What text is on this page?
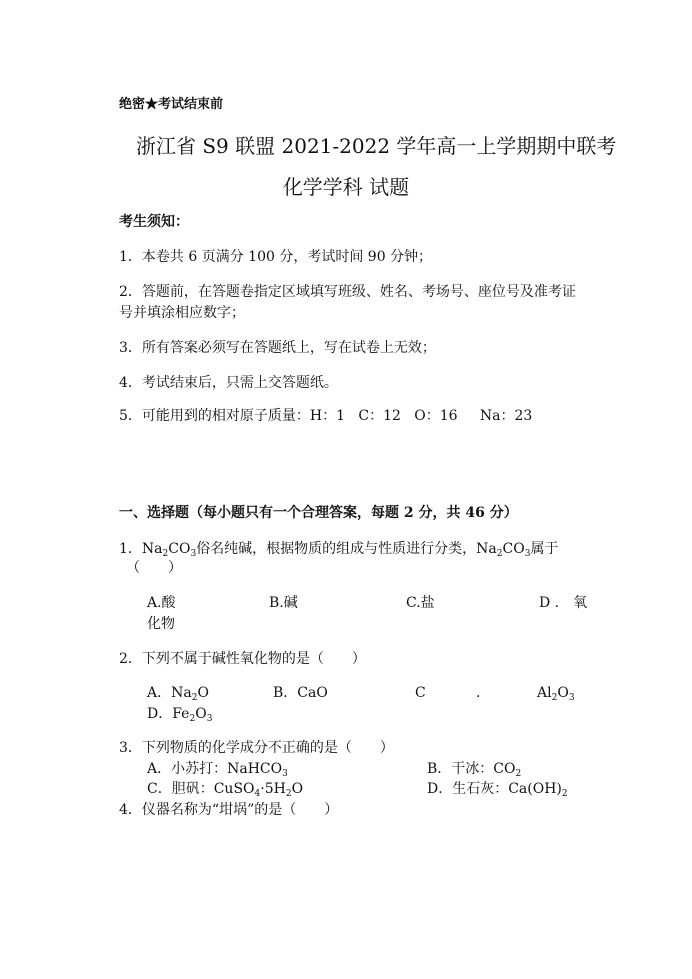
绝密★考试结束前
浙江省 S9 联盟 2021-2022 学年高一上学期期中联考
化学学科 试题
考生须知：
1．本卷共 6 页满分 100 分，考试时间 90 分钟；
2．答题前，在答题卷指定区域填写班级、姓名、考场号、座位号及准考证
号并填涂相应数字；
3．所有答案必须写在答题纸上，写在试卷上无效；
4．考试结束后，只需上交答题纸。
5．可能用到的相对原子质量：H：1 C：12 O：16 Na：23
一、选择题（每小题只有一个合理答案，每题 2 分，共 46 分）
1．$Na_2CO_3$俗名纯碱，根据物质的组成与性质进行分类，$Na_2CO_3$属于
（　　）
A.酸	B.碱	C.盐	D ． 氧
化物
2．下列不属于碱性氧化物的是（　　）
A．$Na_2O$	B．CaO	C	.	$Al_2O_3$
D．$Fe_2O_3$
3．下列物质的化学成分不正确的是（　　）
A．小苏打：NaHCO$_3$	B．干冰：$CO_2$
C．胆矾：$CuSO_4\cdot 5H_2O$	D．生石灰：$Ca(OH)_2$
4．仪器名称为“坩埚”的是（　　）
